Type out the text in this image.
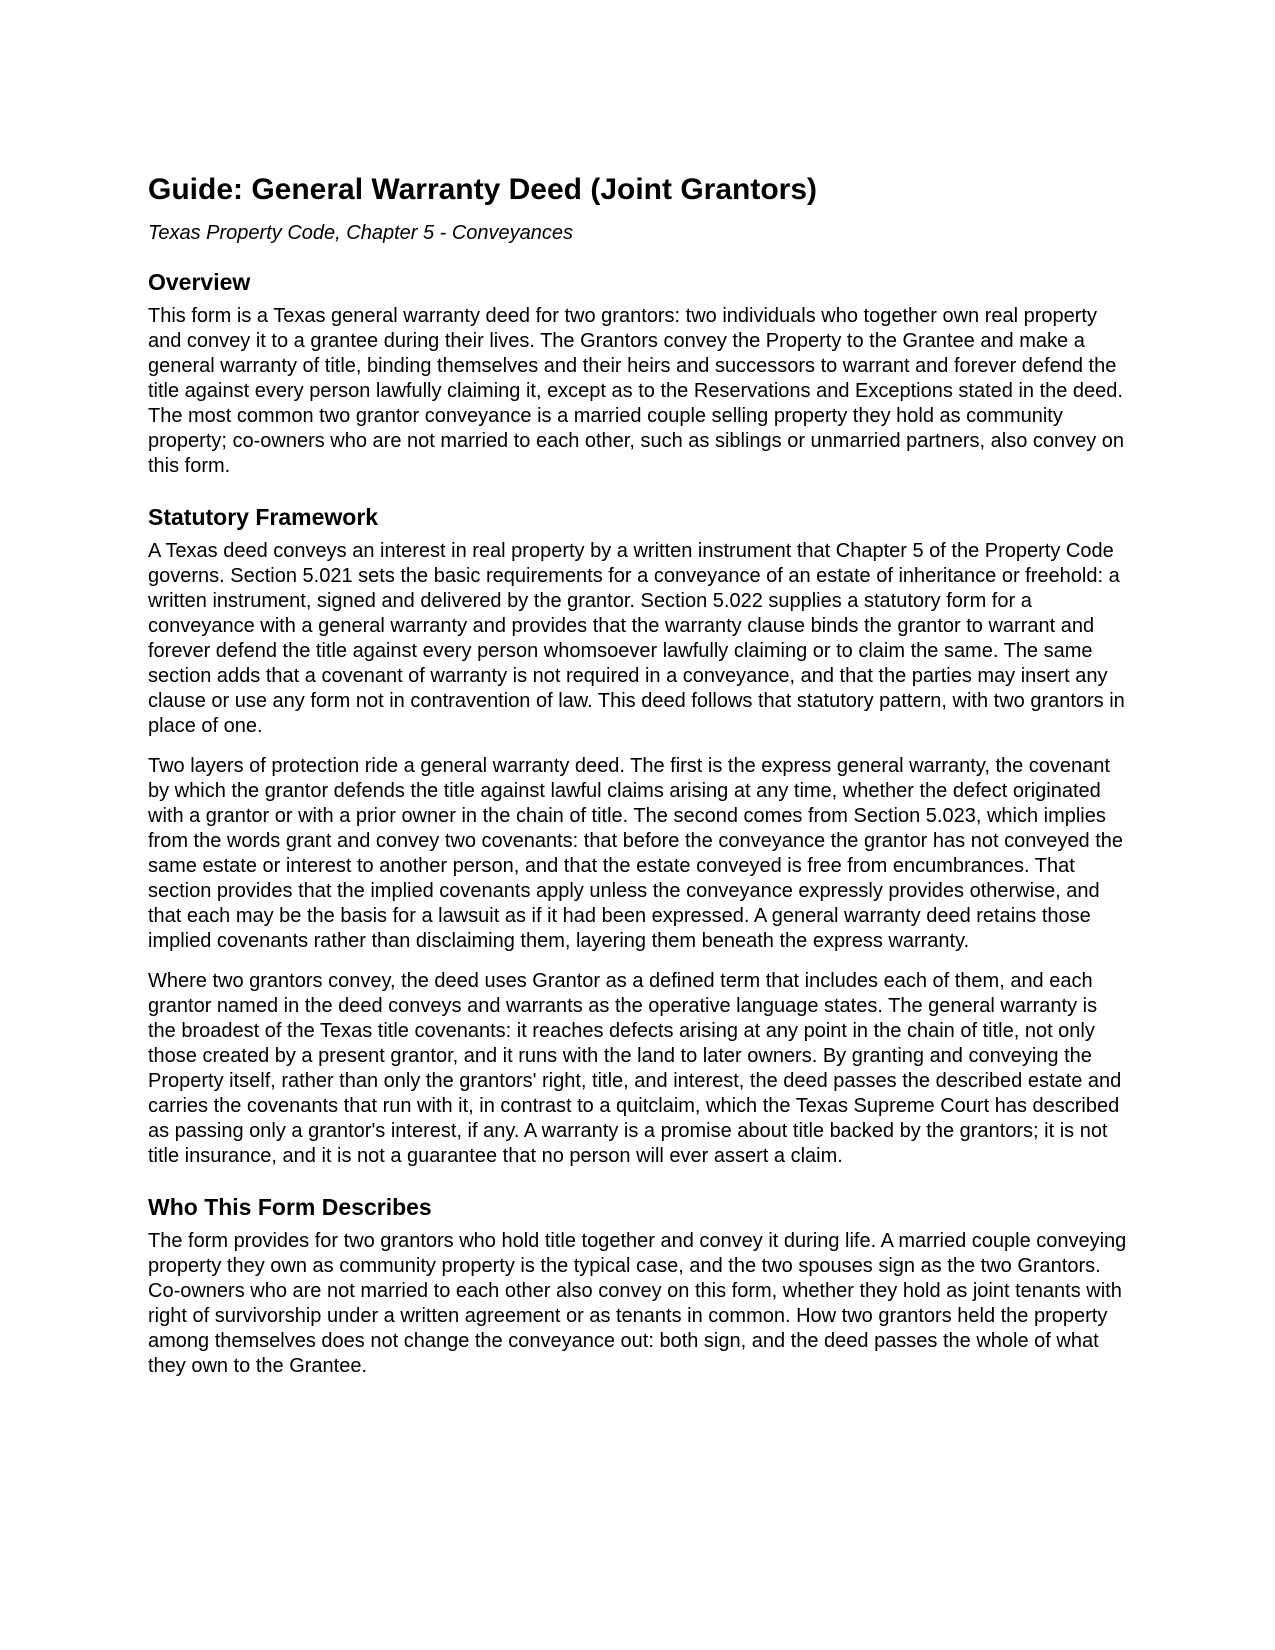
Guide: General Warranty Deed (Joint Grantors)

Texas Property Code, Chapter 5 - Conveyances

Overview

This form is a Texas general warranty deed for two grantors: two individuals who together own real property and convey it to a grantee during their lives. The Grantors convey the Property to the Grantee and make a general warranty of title, binding themselves and their heirs and successors to warrant and forever defend the title against every person lawfully claiming it, except as to the Reservations and Exceptions stated in the deed. The most common two grantor conveyance is a married couple selling property they hold as community property; co-owners who are not married to each other, such as siblings or unmarried partners, also convey on this form.

Statutory Framework

A Texas deed conveys an interest in real property by a written instrument that Chapter 5 of the Property Code governs. Section 5.021 sets the basic requirements for a conveyance of an estate of inheritance or freehold: a written instrument, signed and delivered by the grantor. Section 5.022 supplies a statutory form for a conveyance with a general warranty and provides that the warranty clause binds the grantor to warrant and forever defend the title against every person whomsoever lawfully claiming or to claim the same. The same section adds that a covenant of warranty is not required in a conveyance, and that the parties may insert any clause or use any form not in contravention of law. This deed follows that statutory pattern, with two grantors in place of one.

Two layers of protection ride a general warranty deed. The first is the express general warranty, the covenant by which the grantor defends the title against lawful claims arising at any time, whether the defect originated with a grantor or with a prior owner in the chain of title. The second comes from Section 5.023, which implies from the words grant and convey two covenants: that before the conveyance the grantor has not conveyed the same estate or interest to another person, and that the estate conveyed is free from encumbrances. That section provides that the implied covenants apply unless the conveyance expressly provides otherwise, and that each may be the basis for a lawsuit as if it had been expressed. A general warranty deed retains those implied covenants rather than disclaiming them, layering them beneath the express warranty.

Where two grantors convey, the deed uses Grantor as a defined term that includes each of them, and each grantor named in the deed conveys and warrants as the operative language states. The general warranty is the broadest of the Texas title covenants: it reaches defects arising at any point in the chain of title, not only those created by a present grantor, and it runs with the land to later owners. By granting and conveying the Property itself, rather than only the grantors' right, title, and interest, the deed passes the described estate and carries the covenants that run with it, in contrast to a quitclaim, which the Texas Supreme Court has described as passing only a grantor's interest, if any. A warranty is a promise about title backed by the grantors; it is not title insurance, and it is not a guarantee that no person will ever assert a claim.

Who This Form Describes

The form provides for two grantors who hold title together and convey it during life. A married couple conveying property they own as community property is the typical case, and the two spouses sign as the two Grantors. Co-owners who are not married to each other also convey on this form, whether they hold as joint tenants with right of survivorship under a written agreement or as tenants in common. How two grantors held the property among themselves does not change the conveyance out: both sign, and the deed passes the whole of what they own to the Grantee.
